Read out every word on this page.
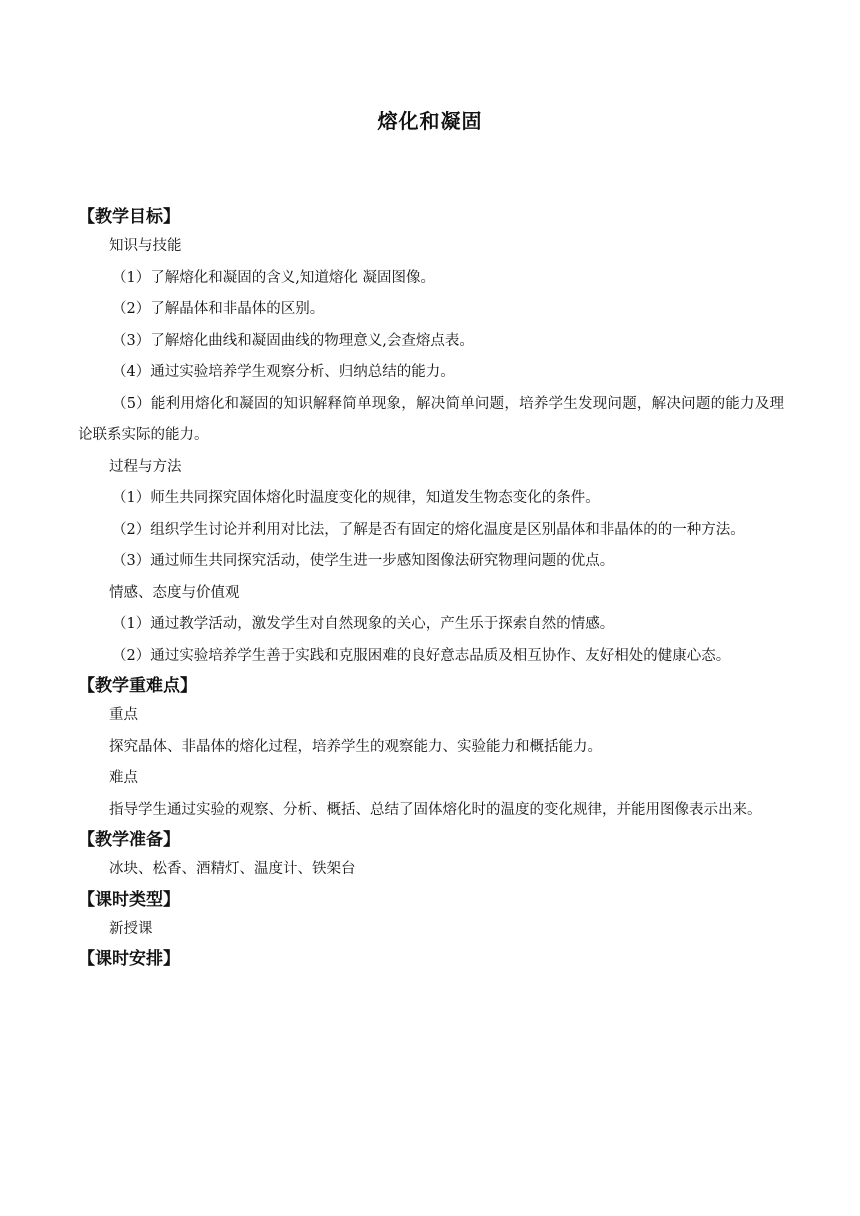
熔化和凝固
【教学目标】

知识与技能

（1）了解熔化和凝固的含义,知道熔化 凝固图像。

（2）了解晶体和非晶体的区别。

（3）了解熔化曲线和凝固曲线的物理意义,会查熔点表。

（4）通过实验培养学生观察分析、归纳总结的能力。

（5）能利用熔化和凝固的知识解释简单现象，解决简单问题，培养学生发现问题，解决问题的能力及理论联系实际的能力。

过程与方法

（1）师生共同探究固体熔化时温度变化的规律，知道发生物态变化的条件。

（2）组织学生讨论并利用对比法，了解是否有固定的熔化温度是区别晶体和非晶体的的一种方法。

（3）通过师生共同探究活动，使学生进一步感知图像法研究物理问题的优点。

情感、态度与价值观

（1）通过教学活动，激发学生对自然现象的关心，产生乐于探索自然的情感。

（2）通过实验培养学生善于实践和克服困难的良好意志品质及相互协作、友好相处的健康心态。

【教学重难点】

重点

探究晶体、非晶体的熔化过程，培养学生的观察能力、实验能力和概括能力。

难点

指导学生通过实验的观察、分析、概括、总结了固体熔化时的温度的变化规律，并能用图像表示出来。

【教学准备】

冰块、松香、酒精灯、温度计、铁架台

【课时类型】

新授课

【课时安排】
